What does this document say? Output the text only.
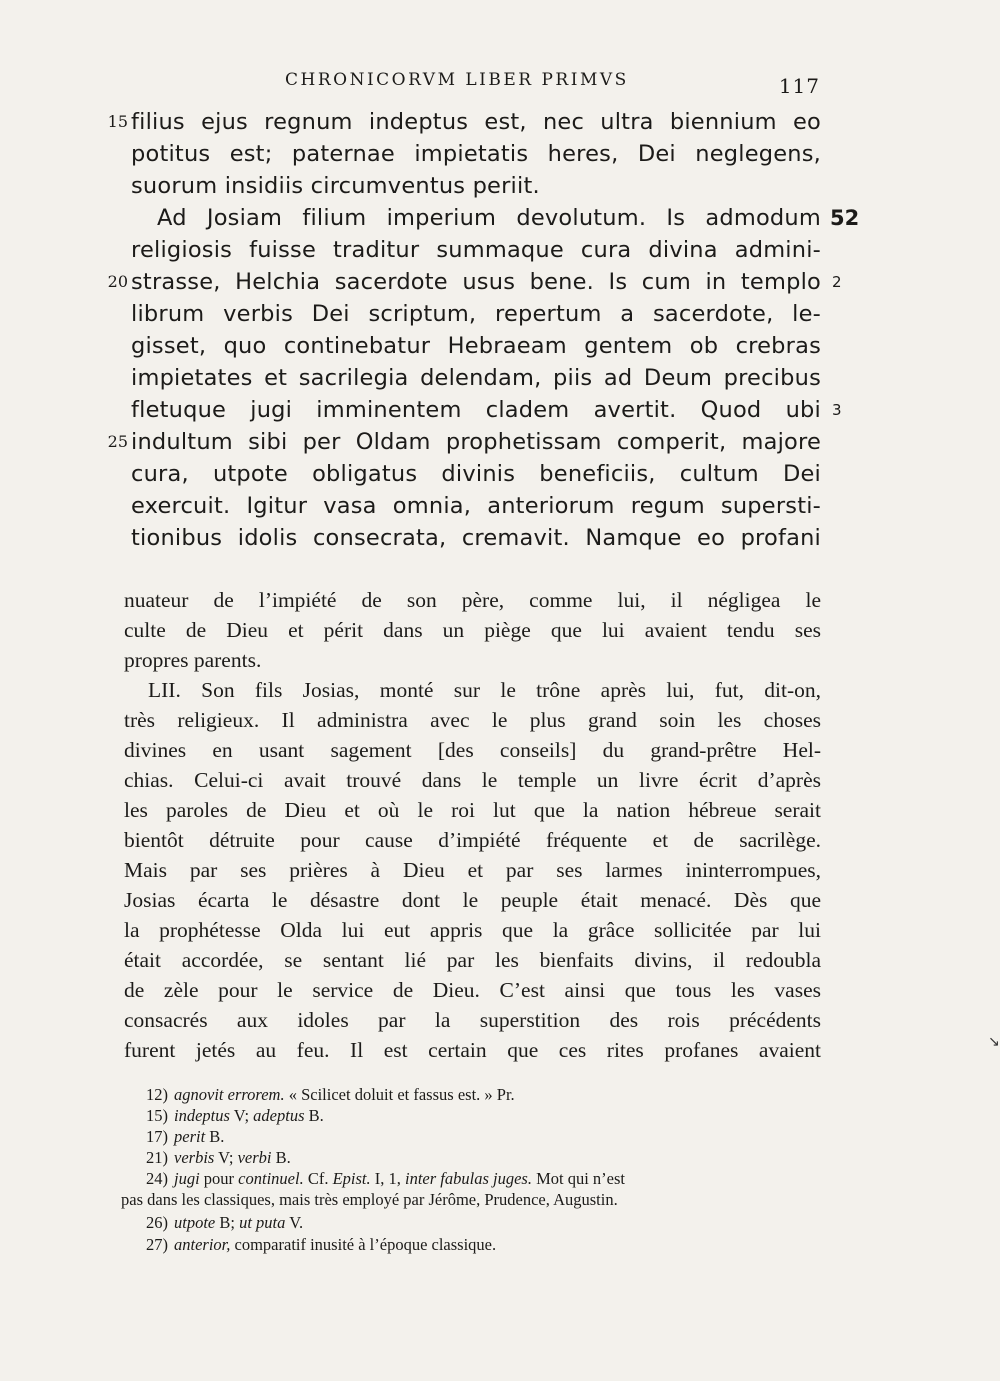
CHRONICORVM LIBER PRIMVS	117
15 filius ejus regnum indeptus est, nec ultra biennium eo
potitus est; paternae impietatis heres, Dei neglegens,
suorum insidiis circumventus periit.
Ad Josiam filium imperium devolutum. Is admodum 52
religiosis fuisse traditur summaque cura divina admini-
20 strasse, Helchia sacerdote usus bene. Is cum in templo 2
librum verbis Dei scriptum, repertum a sacerdote, le-
gisset, quo continebatur Hebraeam gentem ob crebras
impietates et sacrilegia delendam, piis ad Deum precibus
fletuque jugi imminentem cladem avertit. Quod ubi 3
25 indultum sibi per Oldam prophetissam comperit, majore
cura, utpote obligatus divinis beneficiis, cultum Dei
exercuit. Igitur vasa omnia, anteriorum regum supersti-
tionibus idolis consecrata, cremavit. Namque eo profani
nuateur de l’impiété de son père, comme lui, il négligea le
culte de Dieu et périt dans un piège que lui avaient tendu ses
propres parents.
LII. Son fils Josias, monté sur le trône après lui, fut, dit-on,
très religieux. Il administra avec le plus grand soin les choses
divines en usant sagement [des conseils] du grand-prêtre Hel-
chias. Celui-ci avait trouvé dans le temple un livre écrit d’après
les paroles de Dieu et où le roi lut que la nation hébreue serait
bientôt détruite pour cause d’impiété fréquente et de sacrilège.
Mais par ses prières à Dieu et par ses larmes ininterrompues,
Josias écarta le désastre dont le peuple était menacé. Dès que
la prophétesse Olda lui eut appris que la grâce sollicitée par lui
était accordée, se sentant lié par les bienfaits divins, il redoubla
de zèle pour le service de Dieu. C’est ainsi que tous les vases
consacrés aux idoles par la superstition des rois précédents
furent jetés au feu. Il est certain que ces rites profanes avaient
12) agnovit errorem. « Scilicet doluit et fassus est. » Pr.
15) indeptus V; adeptus B.
17) perit B.
21) verbis V; verbi B.
24) jugi pour continuel. Cf. Epist. I, 1, inter fabulas juges. Mot qui n’est
pas dans les classiques, mais très employé par Jérôme, Prudence, Augustin.
26) utpote B; ut puta V.
27) anterior, comparatif inusité à l’époque classique.
↘
